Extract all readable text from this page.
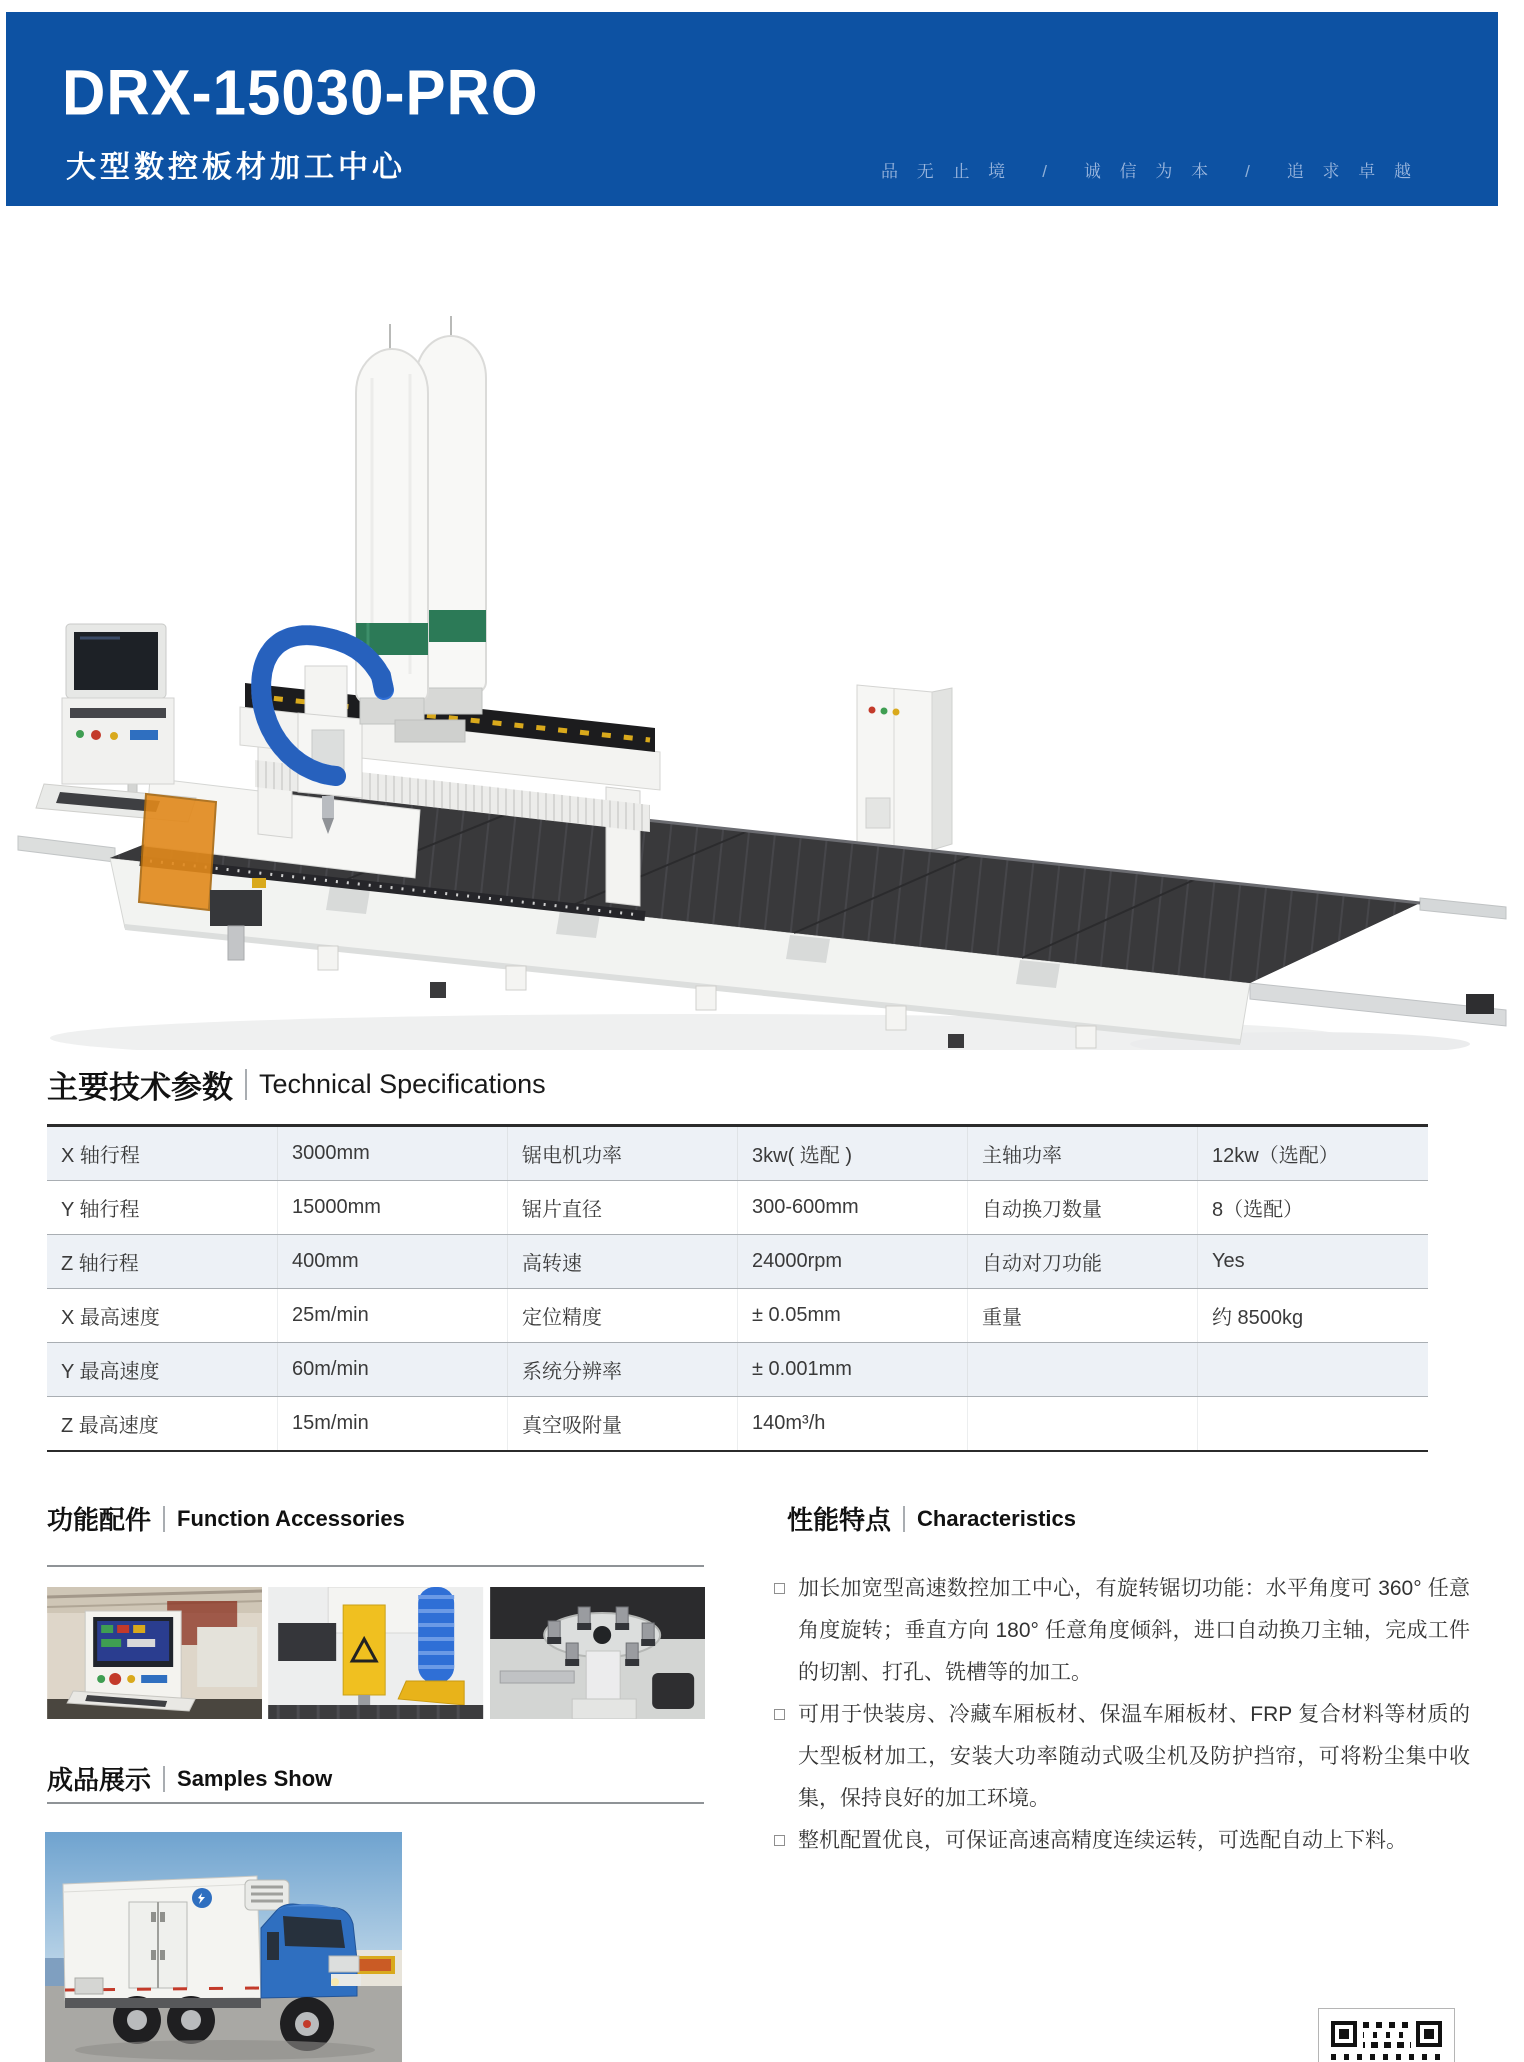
DRX-15030-PRO
大型数控板材加工中心	品 无 止 境 / 诚 信 为 本 / 追 求 卓 越
主要技术参数 Technical Specifications
X 轴行程	3000mm	锯电机功率	3kw( 选配 )	主轴功率	12kw（选配）
Y 轴行程	15000mm	锯片直径	300-600mm	自动换刀数量	8（选配）
Z 轴行程	400mm	高转速	24000rpm	自动对刀功能	Yes
X 最高速度	25m/min	定位精度	± 0.05mm	重量	约 8500kg
Y 最高速度	60m/min	系统分辨率	± 0.001mm
Z 最高速度	15m/min	真空吸附量	140m³/h
功能配件 Function Accessories
成品展示 Samples Show
性能特点 Characteristics
加长加宽型高速数控加工中心，有旋转锯切功能：水平角度可 360° 任意角度旋转；垂直方向 180° 任意角度倾斜，进口自动换刀主轴，完成工件的切割、打孔、铣槽等的加工。
可用于快装房、冷藏车厢板材、保温车厢板材、FRP 复合材料等材质的大型板材加工，安装大功率随动式吸尘机及防护挡帘，可将粉尘集中收集，保持良好的加工环境。
整机配置优良，可保证高速高精度连续运转，可选配自动上下料。
